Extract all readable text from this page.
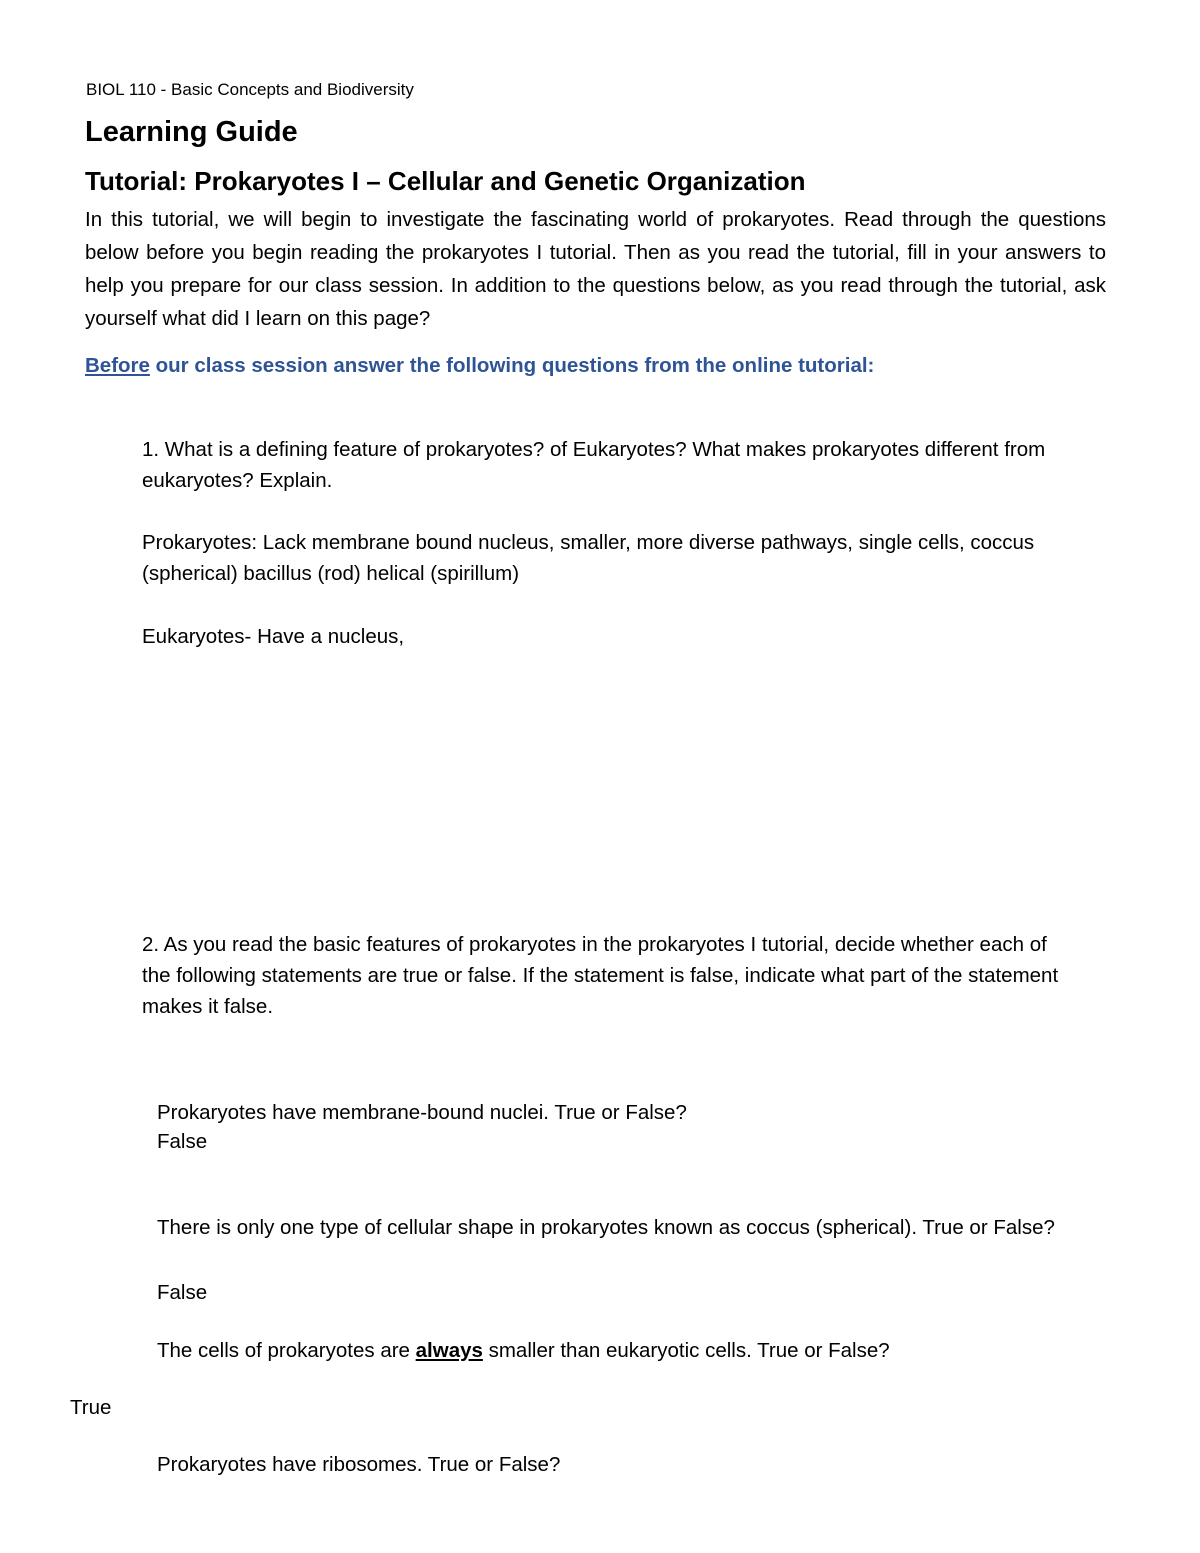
BIOL 110 - Basic Concepts and Biodiversity
Learning Guide
Tutorial: Prokaryotes I – Cellular and Genetic Organization
In this tutorial, we will begin to investigate the fascinating world of prokaryotes. Read through the questions below before you begin reading the prokaryotes I tutorial. Then as you read the tutorial, fill in your answers to help you prepare for our class session. In addition to the questions below, as you read through the tutorial, ask yourself what did I learn on this page?
Before our class session answer the following questions from the online tutorial:
1. What is a defining feature of prokaryotes? of Eukaryotes? What makes prokaryotes different from
eukaryotes? Explain.
Prokaryotes: Lack membrane bound nucleus, smaller, more diverse pathways, single cells, coccus
(spherical) bacillus (rod) helical (spirillum)
Eukaryotes- Have a nucleus,
2. As you read the basic features of prokaryotes in the prokaryotes I tutorial, decide whether each of
the following statements are true or false. If the statement is false, indicate what part of the statement
makes it false.
Prokaryotes have membrane-bound nuclei. True or False?
False
There is only one type of cellular shape in prokaryotes known as coccus (spherical). True or False?
False
The cells of prokaryotes are always smaller than eukaryotic cells. True or False?
True
Prokaryotes have ribosomes. True or False?
